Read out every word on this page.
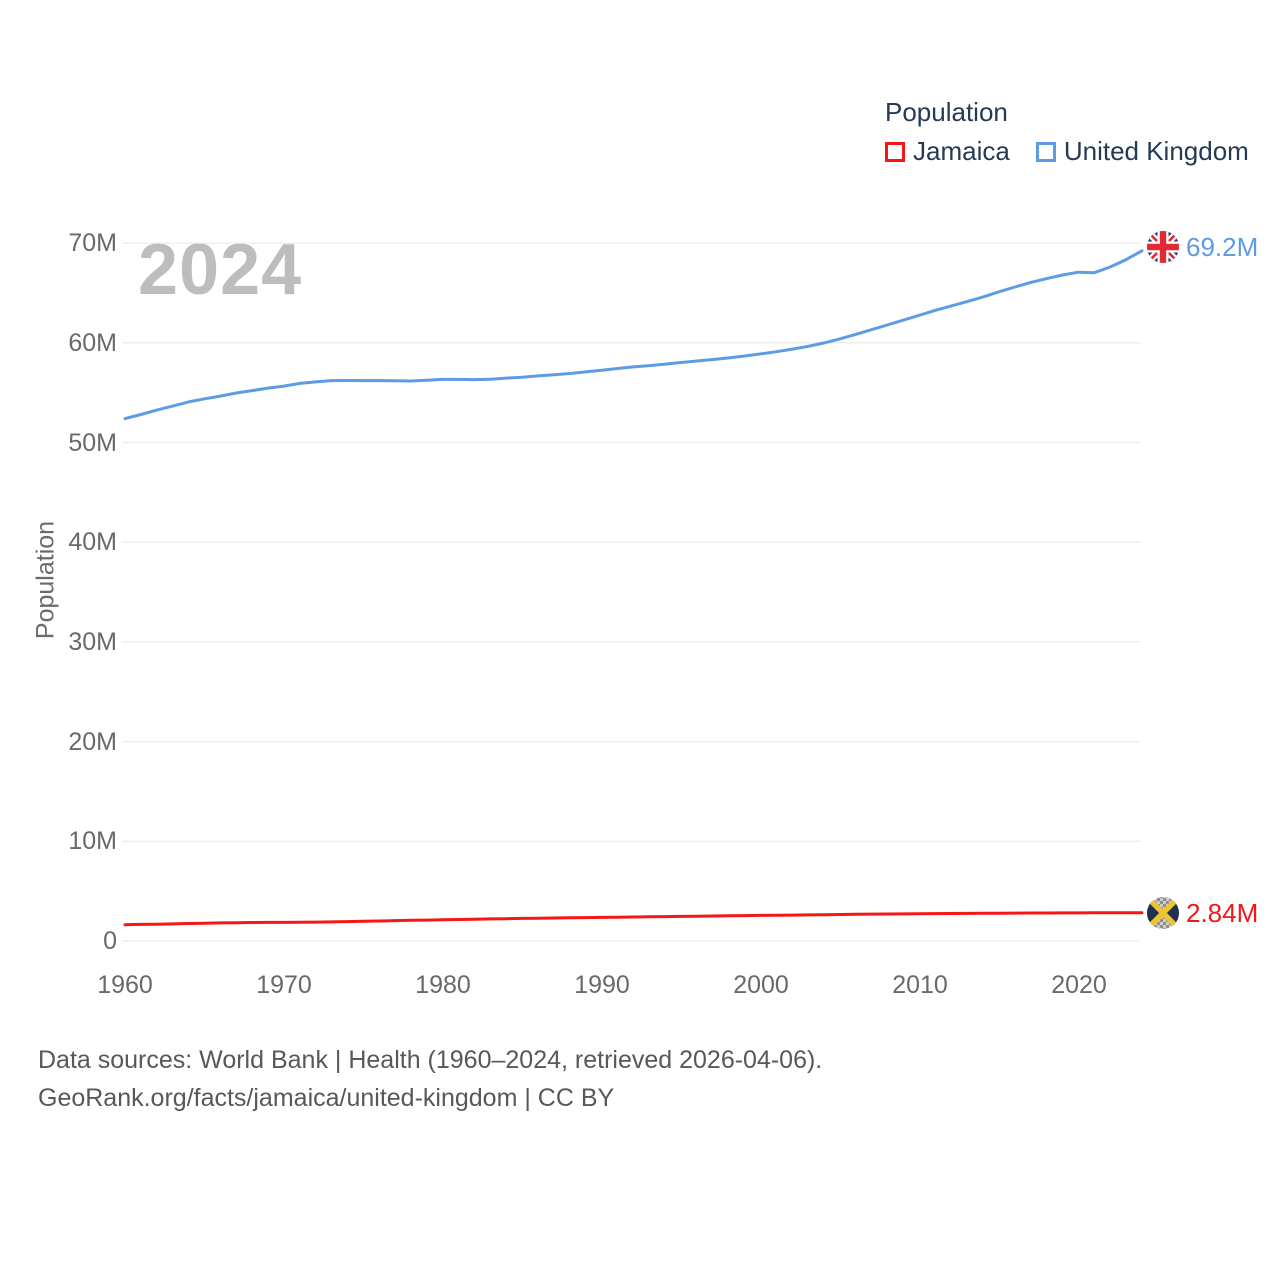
2024
Population
Jamaica United Kingdom
0
10M
20M
30M
40M
50M
60M
70M
Population
1960	1970	1980	1990	2000	2010	2020
69.2M
2.84M
Data sources: World Bank | Health (1960–2024, retrieved 2026-04-06).
GeoRank.org/facts/jamaica/united-kingdom | CC BY
